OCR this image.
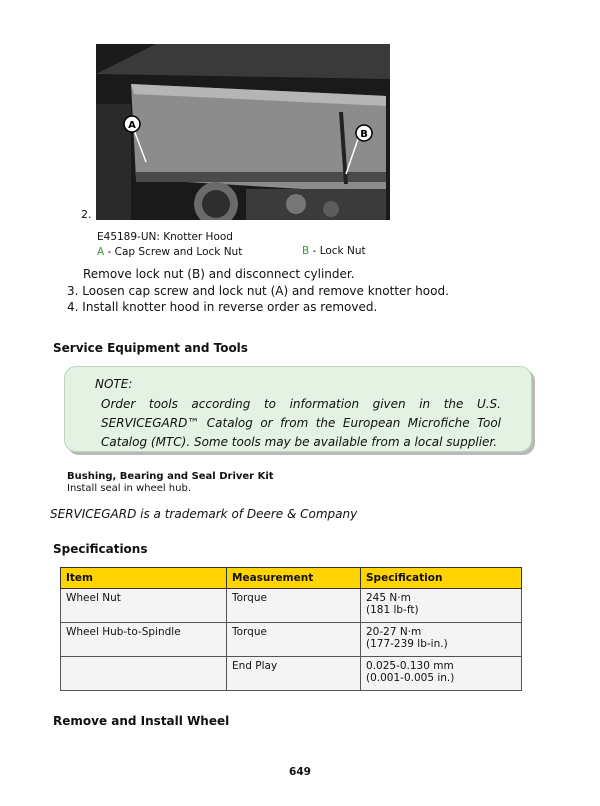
A
B
2.
E45189-UN: Knotter Hood
A - Cap Screw and Lock Nut	B - Lock Nut
Remove lock nut (B) and disconnect cylinder.
3. Loosen cap screw and lock nut (A) and remove knotter hood.
4. Install knotter hood in reverse order as removed.
Service Equipment and Tools
NOTE:
Order tools according to information given in the U.S. SERVICEGARD™ Catalog or from the European Microfiche Tool Catalog (MTC). Some tools may be available from a local supplier.
Bushing, Bearing and Seal Driver Kit
Install seal in wheel hub.
SERVICEGARD is a trademark of Deere & Company
Specifications
Item	Measurement	Specification
Wheel Nut	Torque	245 N·m
(181 lb-ft)

Wheel Hub-to-Spindle	Torque	20-27 N·m
(177-239 lb-in.)

	End Play	0.025-0.130 mm
(0.001-0.005 in.)
Remove and Install Wheel
649
